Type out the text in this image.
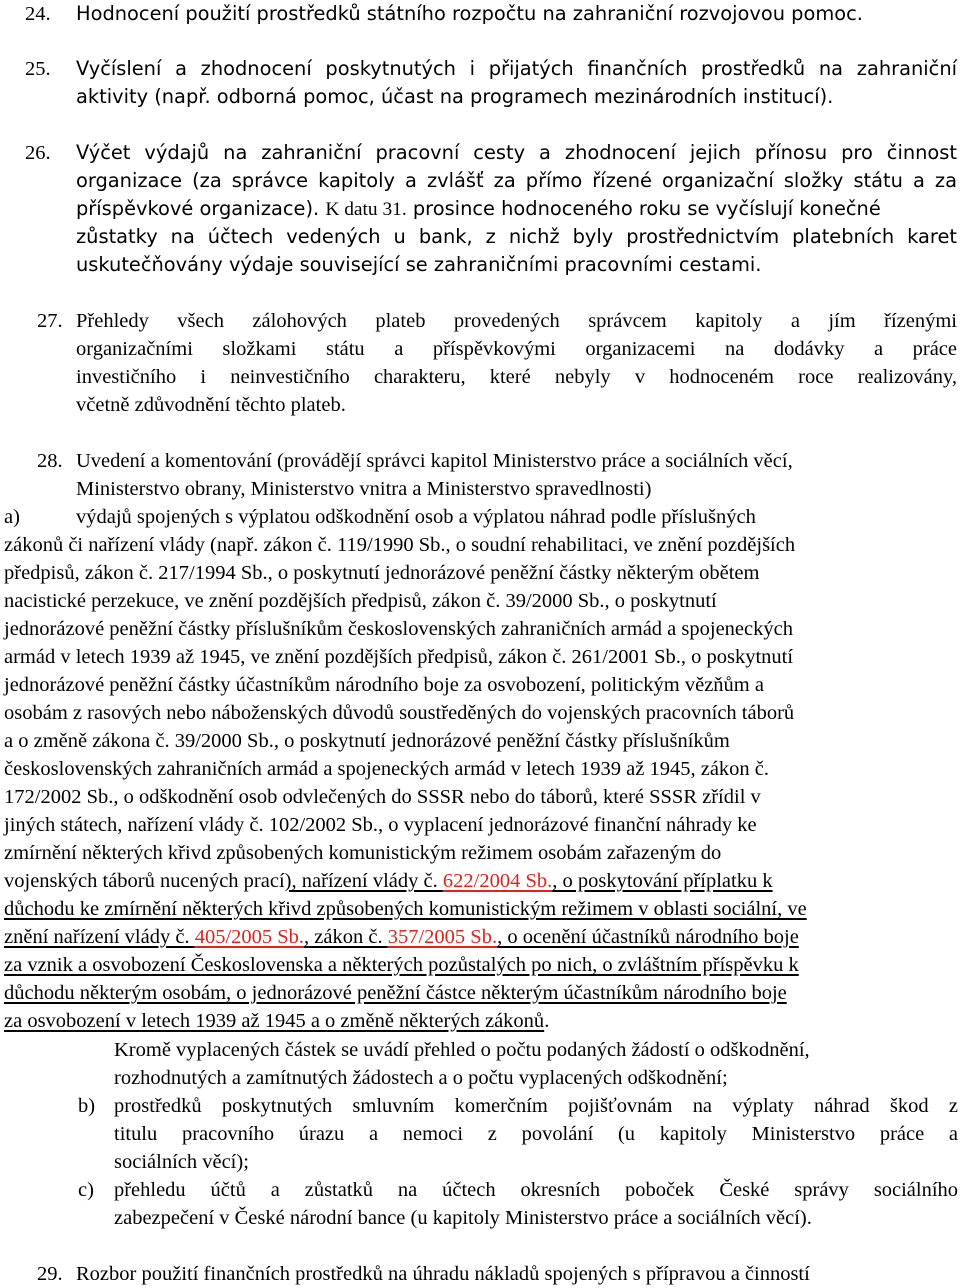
24. Hodnocení použití prostředků státního rozpočtu na zahraniční rozvojovou pomoc.
25. Vyčíslení a zhodnocení poskytnutých i přijatých finančních prostředků na zahraniční
aktivity (např. odborná pomoc, účast na programech mezinárodních institucí).
26. Výčet výdajů na zahraniční pracovní cesty a zhodnocení jejich přínosu pro činnost
organizace (za správce kapitoly a zvlášť za přímo řízené organizační složky státu a za
příspěvkové organizace). K datu 31. prosince hodnoceného roku se vyčíslují konečné
zůstatky na účtech vedených u bank, z nichž byly prostřednictvím platebních karet
uskutečňovány výdaje související se zahraničními pracovními cestami.
27. Přehledy všech zálohových plateb provedených správcem kapitoly a jím řízenými
organizačními složkami státu a příspěvkovými organizacemi na dodávky a práce
investičního i neinvestičního charakteru, které nebyly v hodnoceném roce realizovány,
včetně zdůvodnění těchto plateb.
28. Uvedení a komentování (provádějí správci kapitol Ministerstvo práce a sociálních věcí,
Ministerstvo obrany, Ministerstvo vnitra a Ministerstvo spravedlnosti)
a)	výdajů spojených s výplatou odškodnění osob a výplatou náhrad podle příslušných
zákonů či nařízení vlády (např. zákon č. 119/1990 Sb., o soudní rehabilitaci, ve znění pozdějších
předpisů, zákon č. 217/1994 Sb., o poskytnutí jednorázové peněžní částky některým obětem
nacistické perzekuce, ve znění pozdějších předpisů, zákon č. 39/2000 Sb., o poskytnutí
jednorázové peněžní částky příslušníkům československých zahraničních armád a spojeneckých
armád v letech 1939 až 1945, ve znění pozdějších předpisů, zákon č. 261/2001 Sb., o poskytnutí
jednorázové peněžní částky účastníkům národního boje za osvobození, politickým vězňům a
osobám z rasových nebo náboženských důvodů soustředěných do vojenských pracovních táborů
a o změně zákona č. 39/2000 Sb., o poskytnutí jednorázové peněžní částky příslušníkům
československých zahraničních armád a spojeneckých armád v letech 1939 až 1945, zákon č.
172/2002 Sb., o odškodnění osob odvlečených do SSSR nebo do táborů, které SSSR zřídil v
jiných státech, nařízení vlády č. 102/2002 Sb., o vyplacení jednorázové finanční náhrady ke
zmírnění některých křivd způsobených komunistickým režimem osobám zařazeným do
vojenských táborů nucených prací), nařízení vlády č. 622/2004 Sb., o poskytování příplatku k
důchodu ke zmírnění některých křivd způsobených komunistickým režimem v oblasti sociální, ve
znění nařízení vlády č. 405/2005 Sb., zákon č. 357/2005 Sb., o ocenění účastníků národního boje
za vznik a osvobození Československa a některých pozůstalých po nich, o zvláštním příspěvku k
důchodu některým osobám, o jednorázové peněžní částce některým účastníkům národního boje
za osvobození v letech 1939 až 1945 a o změně některých zákonů.
Kromě vyplacených částek se uvádí přehled o počtu podaných žádostí o odškodnění,
rozhodnutých a zamítnutých žádostech a o počtu vyplacených odškodnění;
b) prostředků poskytnutých smluvním komerčním pojišťovnám na výplaty náhrad škod z
titulu pracovního úrazu a nemoci z povolání (u kapitoly Ministerstvo práce a
sociálních věcí);
c) přehledu účtů a zůstatků na účtech okresních poboček České správy sociálního
zabezpečení v České národní bance (u kapitoly Ministerstvo práce a sociálních věcí).
29. Rozbor použití finančních prostředků na úhradu nákladů spojených s přípravou a činností
